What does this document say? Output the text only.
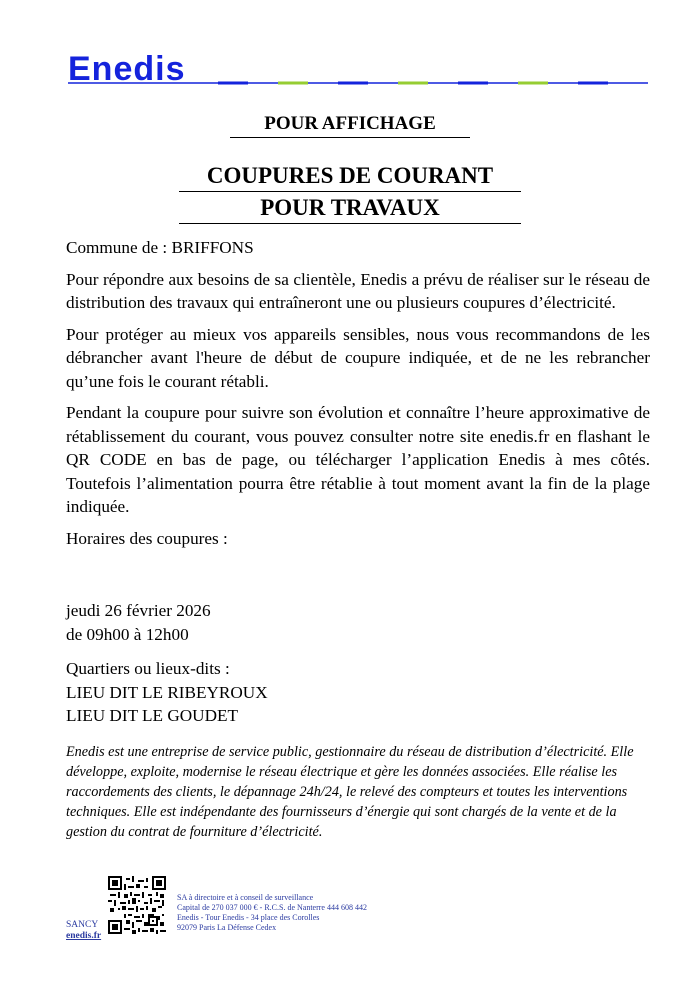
Enedis
POUR AFFICHAGE
COUPURES DE COURANT
POUR TRAVAUX

Commune de : BRIFFONS

Pour répondre aux besoins de sa clientèle, Enedis a prévu de réaliser sur le réseau de distribution des travaux qui entraîneront une ou plusieurs coupures d’électricité.

Pour protéger au mieux vos appareils sensibles, nous vous recommandons de les débrancher avant l'heure de début de coupure indiquée, et de ne les rebrancher qu’une fois le courant rétabli.

Pendant la coupure pour suivre son évolution et connaître l’heure approximative de rétablissement du courant, vous pouvez consulter notre site enedis.fr en flashant le QR CODE en bas de page, ou télécharger l’application Enedis à mes côtés. Toutefois l’alimentation pourra être rétablie à tout moment avant la fin de la plage indiquée.

Horaires des coupures :

jeudi 26 février 2026
de 09h00 à 12h00
Quartiers ou lieux-dits :
LIEU DIT LE RIBEYROUX
LIEU DIT LE GOUDET
Enedis est une entreprise de service public, gestionnaire du réseau de distribution d’électricité. Elle développe, exploite, modernise le réseau électrique et gère les données associées. Elle réalise les raccordements des clients, le dépannage 24h/24, le relevé des compteurs et toutes les interventions techniques. Elle est indépendante des fournisseurs d’énergie qui sont chargés de la vente et de la gestion du contrat de fourniture d’électricité.
SANCY
enedis.fr
SA à directoire et à conseil de surveillance
Capital de 270 037 000 € - R.C.S. de Nanterre 444 608 442
Enedis - Tour Enedis - 34 place des Corolles
92079 Paris La Défense Cedex
